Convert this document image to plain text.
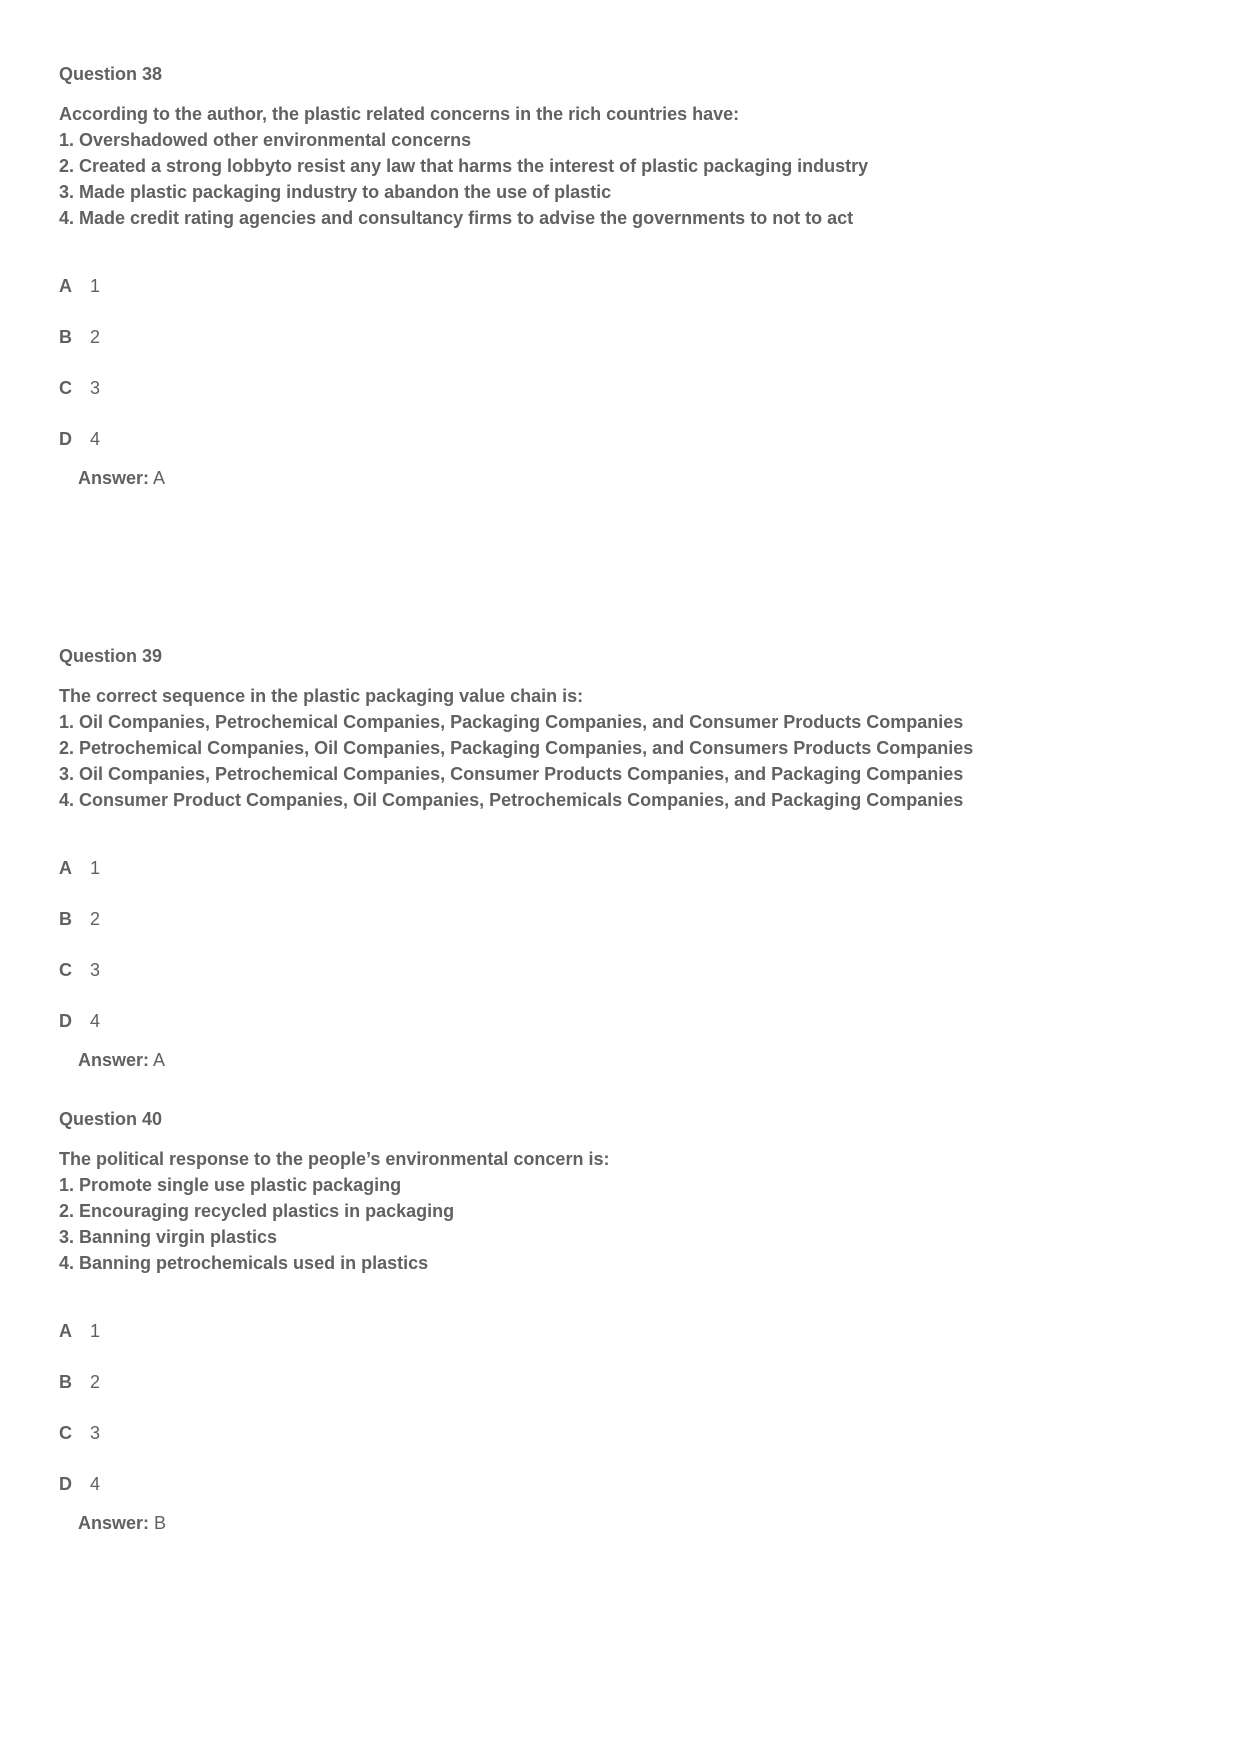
Question 38
According to the author, the plastic related concerns in the rich countries have:
1. Overshadowed other environmental concerns
2. Created a strong lobbyto resist any law that harms the interest of plastic packaging industry
3. Made plastic packaging industry to abandon the use of plastic
4. Made credit rating agencies and consultancy firms to advise the governments to not to act
A	1
B	2
C	3
D	4
Answer: A
Question 39
The correct sequence in the plastic packaging value chain is:
1. Oil Companies, Petrochemical Companies, Packaging Companies, and Consumer Products Companies
2. Petrochemical Companies, Oil Companies, Packaging Companies, and Consumers Products Companies
3. Oil Companies, Petrochemical Companies, Consumer Products Companies, and Packaging Companies
4. Consumer Product Companies, Oil Companies, Petrochemicals Companies, and Packaging Companies
A	1
B	2
C	3
D	4
Answer: A
Question 40
The political response to the people’s environmental concern is:
1. Promote single use plastic packaging
2. Encouraging recycled plastics in packaging
3. Banning virgin plastics
4. Banning petrochemicals used in plastics
A	1
B	2
C	3
D	4
Answer: B
